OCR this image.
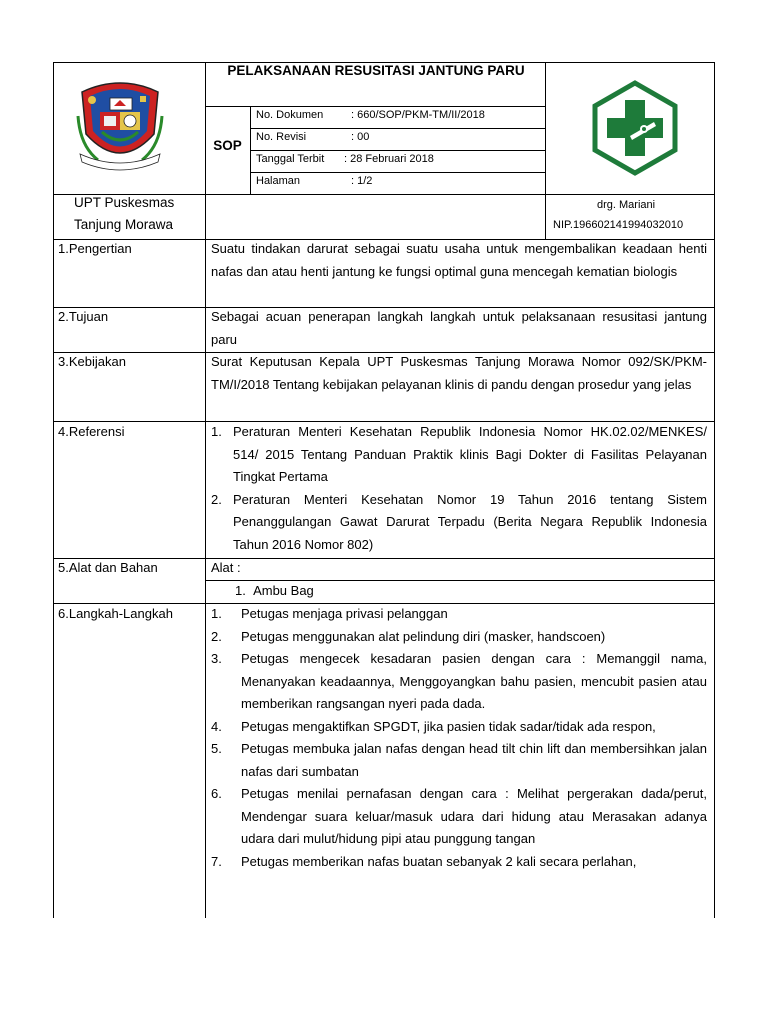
PELAKSANAAN RESUSITASI JANTUNG PARU
SOP
No. Dokumen	: 660/SOP/PKM-TM/II/2018
No. Revisi	: 00
Tanggal Terbit : 28 Februari 2018
Halaman	: 1/2
UPT Puskesmas
Tanjung Morawa
drg. Mariani
NIP.196602141994032010
1.Pengertian	Suatu tindakan darurat sebagai suatu usaha untuk mengembalikan keadaan henti nafas dan atau henti jantung ke fungsi optimal guna mencegah kematian biologis
2.Tujuan	Sebagai acuan penerapan langkah langkah untuk pelaksanaan resusitasi jantung paru
3.Kebijakan	Surat Keputusan Kepala UPT Puskesmas Tanjung Morawa Nomor 092/SK/PKM-TM/I/2018 Tentang kebijakan pelayanan klinis di pandu dengan prosedur yang jelas
4.Referensi	1. Peraturan Menteri Kesehatan Republik Indonesia Nomor HK.02.02/MENKES/ 514/ 2015 Tentang Panduan Praktik klinis Bagi Dokter di Fasilitas Pelayanan Tingkat Pertama
2. Peraturan Menteri Kesehatan Nomor 19 Tahun 2016 tentang Sistem Penanggulangan Gawat Darurat Terpadu (Berita Negara Republik Indonesia Tahun 2016 Nomor 802)
5.Alat dan Bahan	Alat :
1. Ambu Bag
6.Langkah-Langkah	1. Petugas menjaga privasi pelanggan
2. Petugas menggunakan alat pelindung diri (masker, handscoen)
3. Petugas mengecek kesadaran pasien dengan cara : Memanggil nama, Menanyakan keadaannya, Menggoyangkan bahu pasien, mencubit pasien atau memberikan rangsangan nyeri pada dada.
4. Petugas mengaktifkan SPGDT, jika pasien tidak sadar/tidak ada respon,
5. Petugas membuka jalan nafas dengan head tilt chin lift dan membersihkan jalan nafas dari sumbatan
6. Petugas menilai pernafasan dengan cara : Melihat pergerakan dada/perut, Mendengar suara keluar/masuk udara dari hidung atau Merasakan adanya udara dari mulut/hidung pipi atau punggung tangan
7. Petugas memberikan nafas buatan sebanyak 2 kali secara perlahan,
